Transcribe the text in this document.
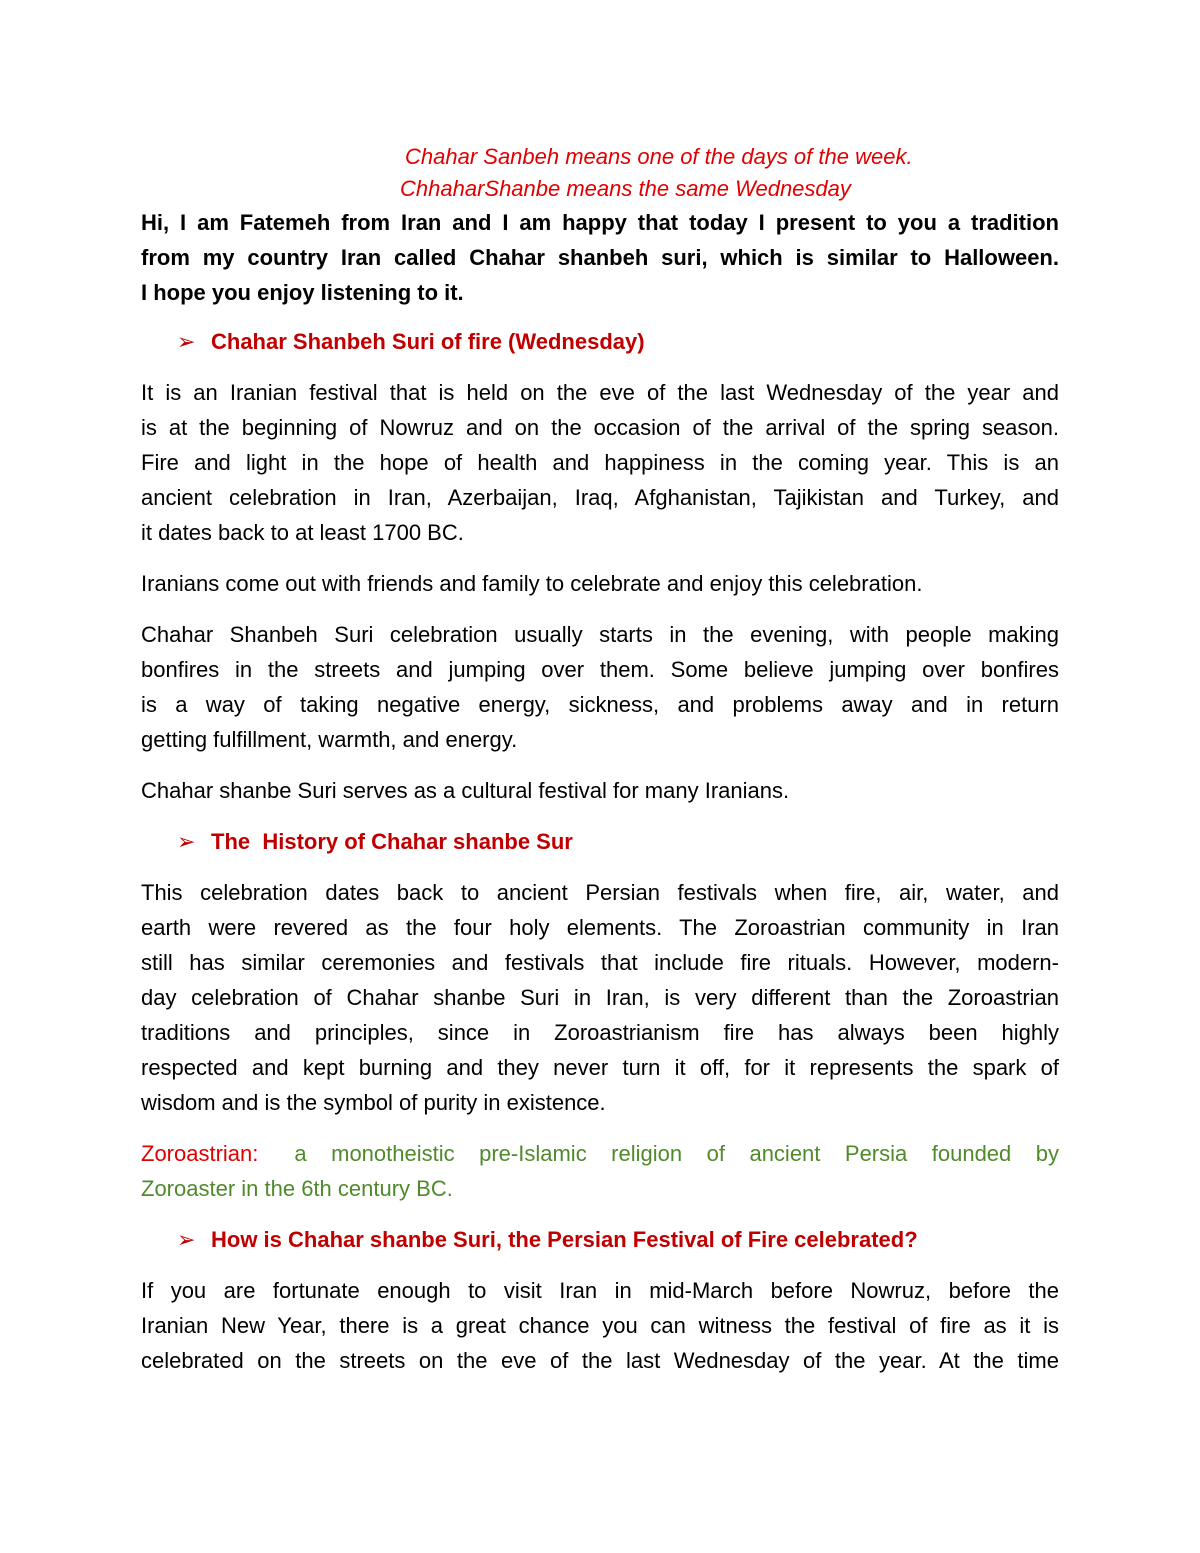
Chahar Sanbeh means one of the days of the week.
ChhaharShanbe means the same Wednesday
Hi, I am Fatemeh from Iran and I am happy that today I present to you a tradition
from my country Iran called Chahar shanbeh suri, which is similar to Halloween.
I hope you enjoy listening to it.
➢ Chahar Shanbeh Suri of fire (Wednesday)
It is an Iranian festival that is held on the eve of the last Wednesday of the year and
is at the beginning of Nowruz and on the occasion of the arrival of the spring season.
Fire and light in the hope of health and happiness in the coming year. This is an
ancient celebration in Iran, Azerbaijan, Iraq, Afghanistan, Tajikistan and Turkey, and
it dates back to at least 1700 BC.
Iranians come out with friends and family to celebrate and enjoy this celebration.
Chahar Shanbeh Suri celebration usually starts in the evening, with people making
bonfires in the streets and jumping over them. Some believe jumping over bonfires
is a way of taking negative energy, sickness, and problems away and in return
getting fulfillment, warmth, and energy.
Chahar shanbe Suri serves as a cultural festival for many Iranians.
➢ The  History of Chahar shanbe Sur
This celebration dates back to ancient Persian festivals when fire, air, water, and
earth were revered as the four holy elements. The Zoroastrian community in Iran
still has similar ceremonies and festivals that include fire rituals. However, modern-
day celebration of Chahar shanbe Suri in Iran, is very different than the Zoroastrian
traditions and principles, since in Zoroastrianism fire has always been highly
respected and kept burning and they never turn it off, for it represents the spark of
wisdom and is the symbol of purity in existence.
Zoroastrian: a monotheistic pre-Islamic religion of ancient Persia founded by
Zoroaster in the 6th century BC.
➢ How is Chahar shanbe Suri, the Persian Festival of Fire celebrated?
If you are fortunate enough to visit Iran in mid-March before Nowruz, before the
Iranian New Year, there is a great chance you can witness the festival of fire as it is
celebrated on the streets on the eve of the last Wednesday of the year. At the time
